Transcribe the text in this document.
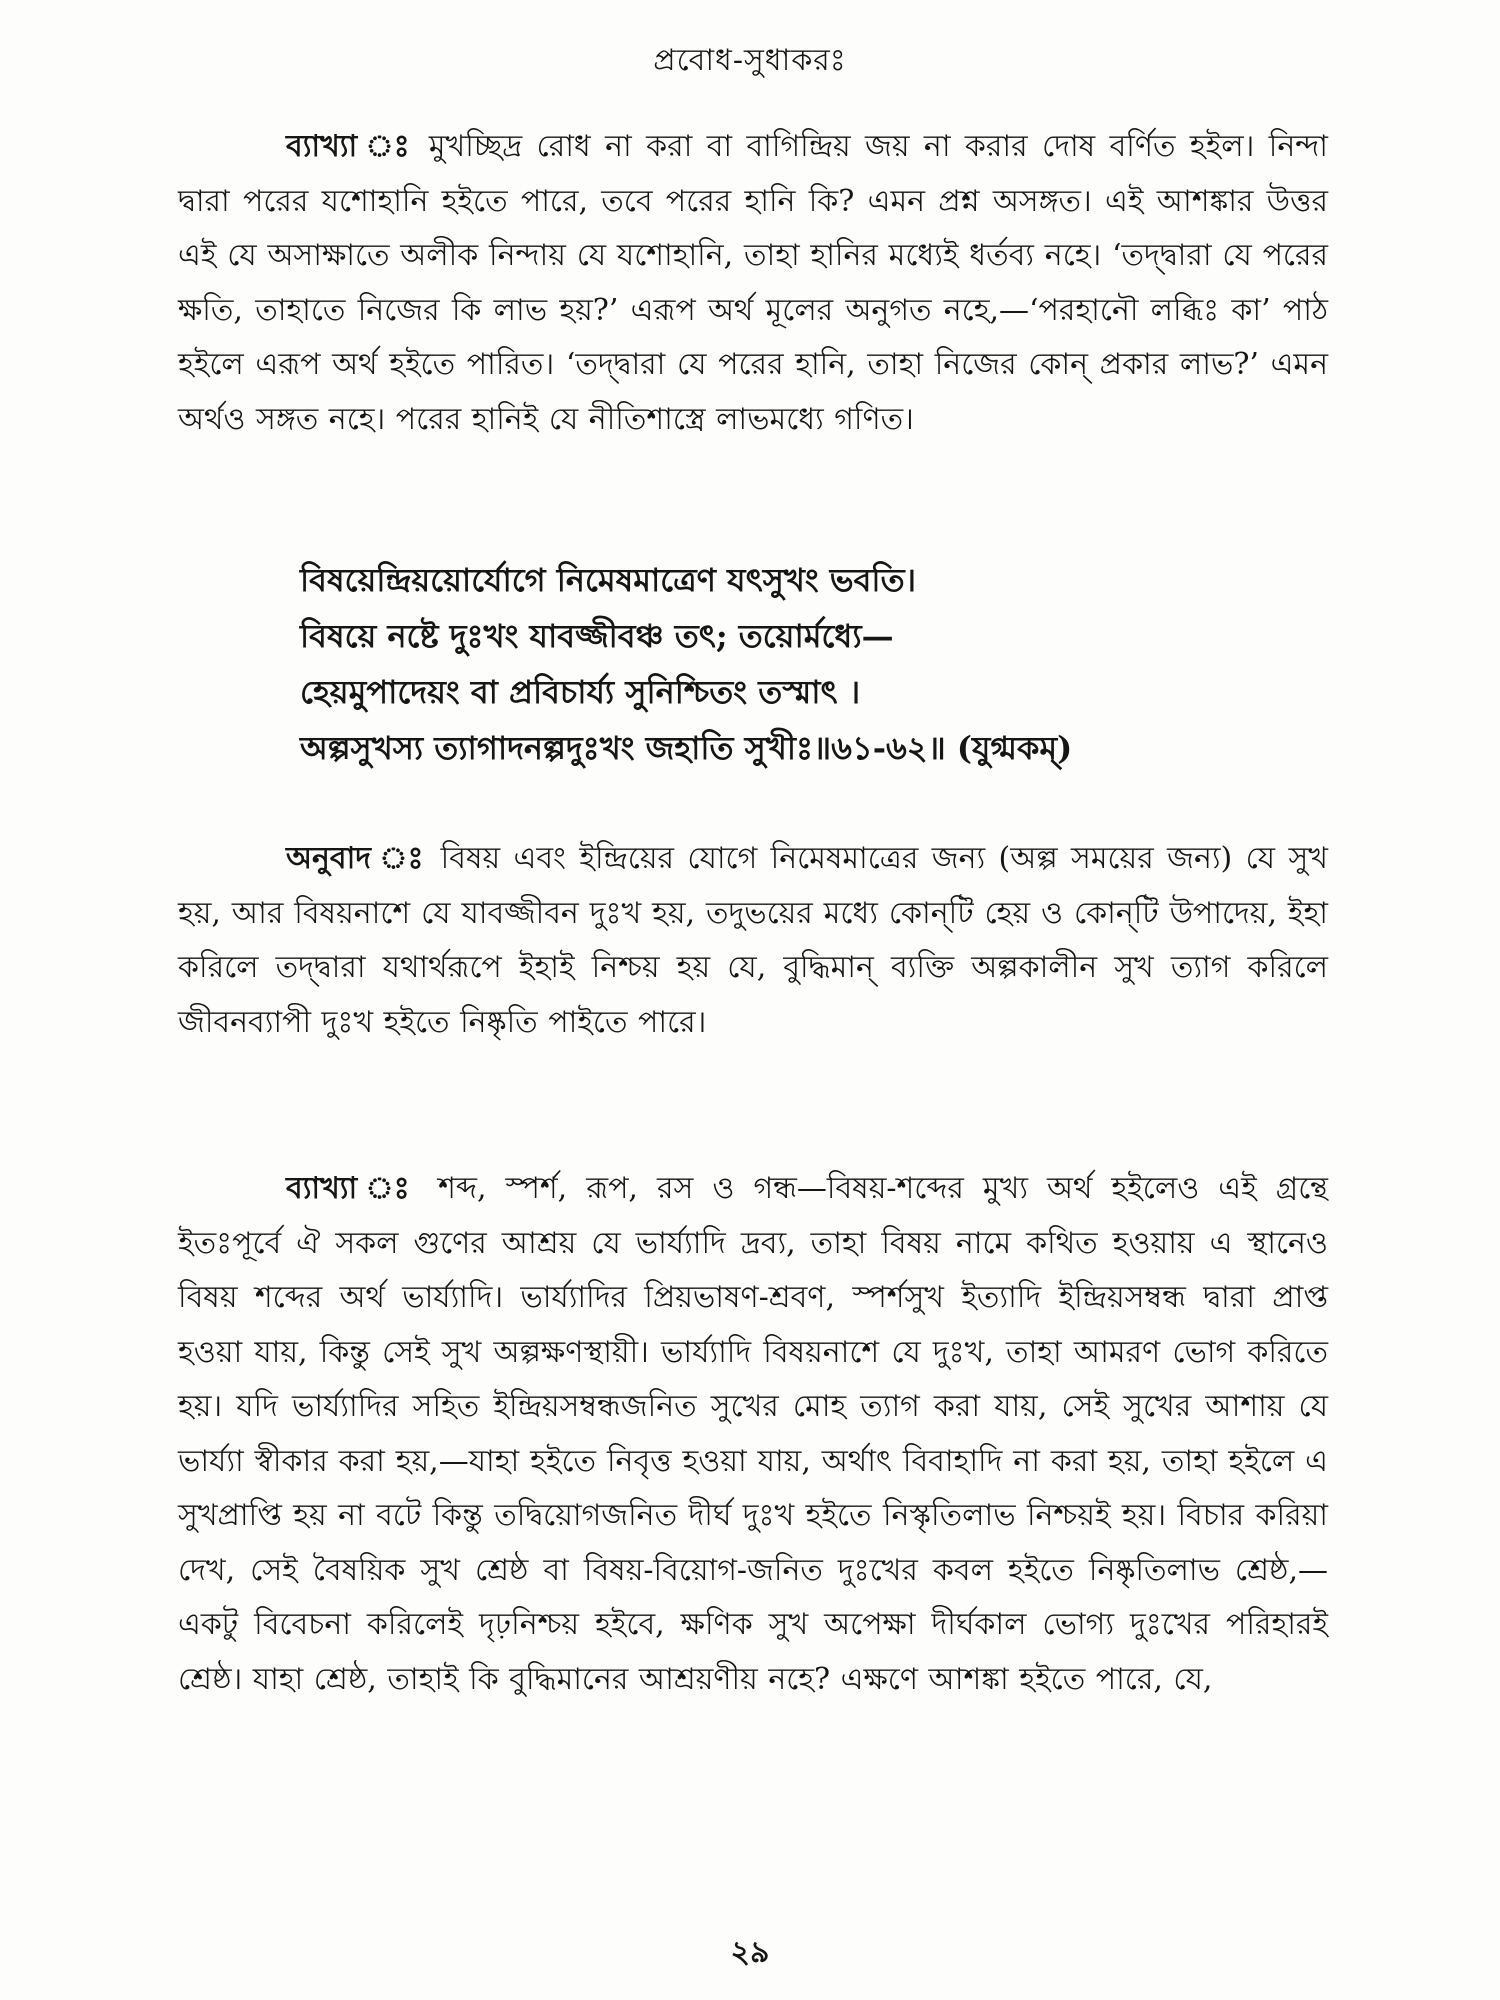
প্রবোধ-সুধাকরঃ

ব্যাখ্যা ঃ মুখচ্ছিদ্র রোধ না করা বা বাগিন্দ্রিয় জয় না করার দোষ বর্ণিত হইল। নিন্দা দ্বারা পরের যশোহানি হইতে পারে, তবে পরের হানি কি? এমন প্রশ্ন অসঙ্গত। এই আশঙ্কার উত্তর এই যে অসাক্ষাতে অলীক নিন্দায় যে যশোহানি, তাহা হানির মধ্যেই ধর্তব্য নহে। ‘তদ্দ্বারা যে পরের ক্ষতি, তাহাতে নিজের কি লাভ হয়?’ এরূপ অর্থ মূলের অনুগত নহে,—‘পরহানৌ লব্ধিঃ কা’ পাঠ হইলে এরূপ অর্থ হইতে পারিত। ‘তদ্দ্বারা যে পরের হানি, তাহা নিজের কোন্ প্রকার লাভ?’ এমন অর্থও সঙ্গত নহে। পরের হানিই যে নীতিশাস্ত্রে লাভমধ্যে গণিত।

বিষয়েন্দ্রিয়য়োর্যোগে নিমেষমাত্রেণ যৎসুখং ভবতি।

বিষয়ে নষ্টে দুঃখং যাবজ্জীবঞ্চ তৎ; তয়োর্মধ্যে—

হেয়মুপাদেয়ং বা প্রবিচার্য্য সুনিশ্চিতং তস্মাৎ ।

অল্পসুখস্য ত্যাগাদনল্পদুঃখং জহাতি সুখীঃ॥৬১-৬২॥ (যুগ্মকম্)

অনুবাদ ঃ বিষয় এবং ইন্দ্রিয়ের যোগে নিমেষমাত্রের জন্য (অল্প সময়ের জন্য) যে সুখ হয়, আর বিষয়নাশে যে যাবজ্জীবন দুঃখ হয়, তদুভয়ের মধ্যে কোন্‌টি হেয় ও কোন্‌টি উপাদেয়, ইহা করিলে তদ্দ্বারা যথার্থরূপে ইহাই নিশ্চয় হয় যে, বুদ্ধিমান্ ব্যক্তি অল্পকালীন সুখ ত্যাগ করিলে জীবনব্যাপী দুঃখ হইতে নিষ্কৃতি পাইতে পারে।

ব্যাখ্যা ঃ শব্দ, স্পর্শ, রূপ, রস ও গন্ধ—বিষয়-শব্দের মুখ্য অর্থ হইলেও এই গ্রন্থে ইতঃপূর্বে ঐ সকল গুণের আশ্রয় যে ভার্য্যাদি দ্রব্য, তাহা বিষয় নামে কথিত হওয়ায় এ স্থানেও বিষয় শব্দের অর্থ ভার্য্যাদি। ভার্য্যাদির প্রিয়ভাষণ-শ্রবণ, স্পর্শসুখ ইত্যাদি ইন্দ্রিয়সম্বন্ধ দ্বারা প্রাপ্ত হওয়া যায়, কিন্তু সেই সুখ অল্পক্ষণস্থায়ী। ভার্য্যাদি বিষয়নাশে যে দুঃখ, তাহা আমরণ ভোগ করিতে হয়। যদি ভার্য্যাদির সহিত ইন্দ্রিয়সম্বন্ধজনিত সুখের মোহ ত্যাগ করা যায়, সেই সুখের আশায় যে ভার্য্যা স্বীকার করা হয়,—যাহা হইতে নিবৃত্ত হওয়া যায়, অর্থাৎ বিবাহাদি না করা হয়, তাহা হইলে এ সুখপ্রাপ্তি হয় না বটে কিন্তু তদ্বিয়োগজনিত দীর্ঘ দুঃখ হইতে নিস্কৃতিলাভ নিশ্চয়ই হয়। বিচার করিয়া দেখ, সেই বৈষয়িক সুখ শ্রেষ্ঠ বা বিষয়-বিয়োগ-জনিত দুঃখের কবল হইতে নিষ্কৃতিলাভ শ্রেষ্ঠ,—একটু বিবেচনা করিলেই দৃঢ়নিশ্চয় হইবে, ক্ষণিক সুখ অপেক্ষা দীর্ঘকাল ভোগ্য দুঃখের পরিহারই শ্রেষ্ঠ। যাহা শ্রেষ্ঠ, তাহাই কি বুদ্ধিমানের আশ্রয়ণীয় নহে? এক্ষণে আশঙ্কা হইতে পারে, যে,

২৯
